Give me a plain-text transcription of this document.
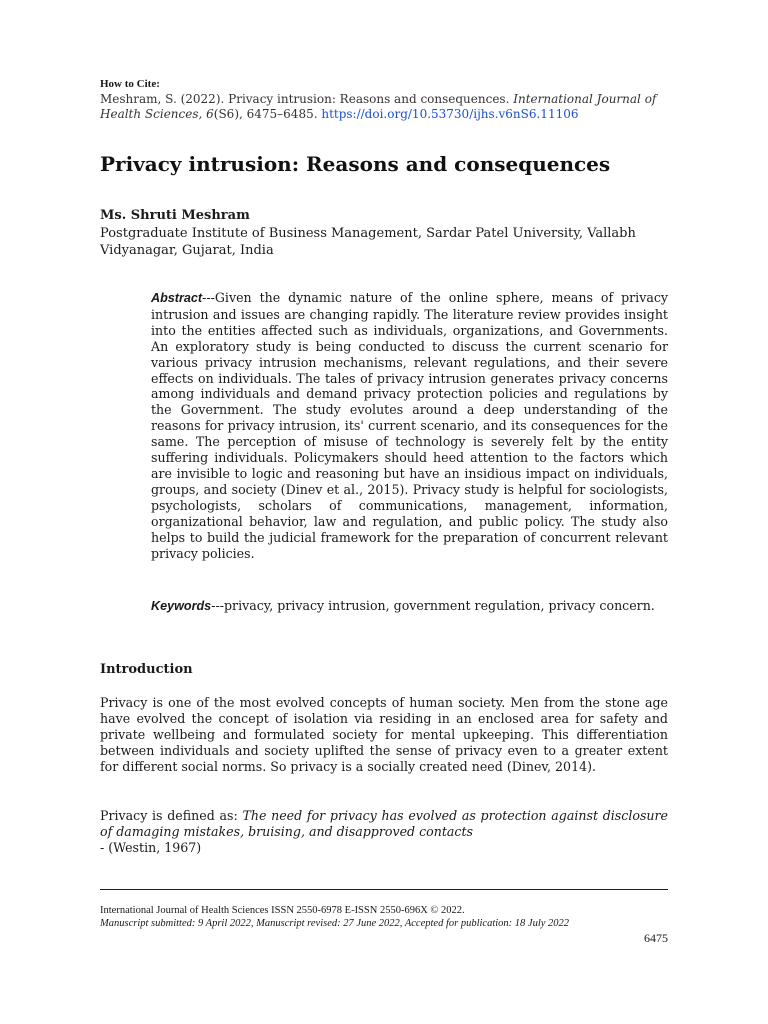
How to Cite:
Meshram, S. (2022). Privacy intrusion: Reasons and consequences. International Journal of Health Sciences, 6(S6), 6475–6485. https://doi.org/10.53730/ijhs.v6nS6.11106
Privacy intrusion: Reasons and consequences
Ms. Shruti Meshram
Postgraduate Institute of Business Management, Sardar Patel University, Vallabh Vidyanagar, Gujarat, India
Abstract---Given the dynamic nature of the online sphere, means of privacy intrusion and issues are changing rapidly. The literature review provides insight into the entities affected such as individuals, organizations, and Governments. An exploratory study is being conducted to discuss the current scenario for various privacy intrusion mechanisms, relevant regulations, and their severe effects on individuals. The tales of privacy intrusion generates privacy concerns among individuals and demand privacy protection policies and regulations by the Government. The study evolutes around a deep understanding of the reasons for privacy intrusion, its' current scenario, and its consequences for the same. The perception of misuse of technology is severely felt by the entity suffering individuals. Policymakers should heed attention to the factors which are invisible to logic and reasoning but have an insidious impact on individuals, groups, and society (Dinev et al., 2015). Privacy study is helpful for sociologists, psychologists, scholars of communications, management, information, organizational behavior, law and regulation, and public policy. The study also helps to build the judicial framework for the preparation of concurrent relevant privacy policies.
Keywords---privacy, privacy intrusion, government regulation, privacy concern.
Introduction
Privacy is one of the most evolved concepts of human society. Men from the stone age have evolved the concept of isolation via residing in an enclosed area for safety and private wellbeing and formulated society for mental upkeeping. This differentiation between individuals and society uplifted the sense of privacy even to a greater extent for different social norms. So privacy is a socially created need (Dinev, 2014).
Privacy is defined as: The need for privacy has evolved as protection against disclosure of damaging mistakes, bruising, and disapproved contacts
- (Westin, 1967)
International Journal of Health Sciences ISSN 2550-6978 E-ISSN 2550-696X © 2022.
Manuscript submitted: 9 April 2022, Manuscript revised: 27 June 2022, Accepted for publication: 18 July 2022
6475
